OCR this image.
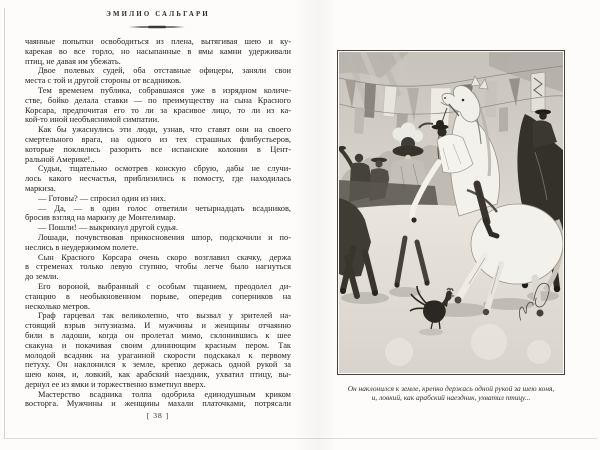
ЭМИЛИО САЛЬГАРИ
чаянные попытки освободиться из плена, вытягивая шею и ку-
карекая во все горло, но насыпанные в ямы камни удерживали
птиц, не давая им убежать.
Двое полевых судей, оба отставные офицеры, заняли свои
места с той и другой стороны от всадников.
Тем временем публика, собравшаяся уже в изрядном количе-
стве, бойко делала ставки — по преимуществу на сына Красного
Корсара, предпочитая его то ли за красивое лицо, то ли из ка-
кой-то иной необъяснимой симпатии.
Как бы ужаснулись эти люди, узнав, что ставят они на своего
смертельного врага, на одного из тех страшных флибустьеров,
которые поклялись разорить все испанские колонии в Цент-
ральной Америке!..
Судьи, тщательно осмотрев конскую сбрую, дабы не случи-
лось какого несчастья, приблизились к помосту, где находилась
маркиза.
— Готовы? — спросил один из них.
— Да, — в один голос ответили четырнадцать всадников,
бросив взгляд на маркизу де Монтелимар.
— Пошли! — выкрикнул другой судья.
Лошади, почувствовав прикосновения шпор, подскочили и по-
неслись в неудержимом полете.
Сын Красного Корсара очень скоро возглавил скачку, держа
в стременах только левую ступню, чтобы легче было нагнуться
до земли.
Его вороной, выбранный с особым тщанием, преодолел ди-
станцию в необыкновенном порыве, опередив соперников на
несколько метров.
Граф гарцевал так великолепно, что вызвал у зрителей на-
стоящий взрыв энтузиазма. И мужчины и женщины отчаянно
били в ладоши, когда он пролетал мимо, склонившись к шее
скакуна и покачивая своим длиннющим красным пером. Так
молодой всадник на ураганной скорости подскакал к первому
петуху. Он наклонился к земле, крепко держась одной рукой за
шею коня, и, ловкий, как арабский наездник, ухватил птицу, вы-
дернул ее из ямки и торжественно взметнул вверх.
Мастерство всадника толпа одобрила единодушным криком
восторга. Мужчины и женщины махали платочками, потрясали
[ 38 ]
Он наклонился к земле, крепко держась одной рукой за шею коня,
и, ловкий, как арабский наездник, ухватил птицу...
